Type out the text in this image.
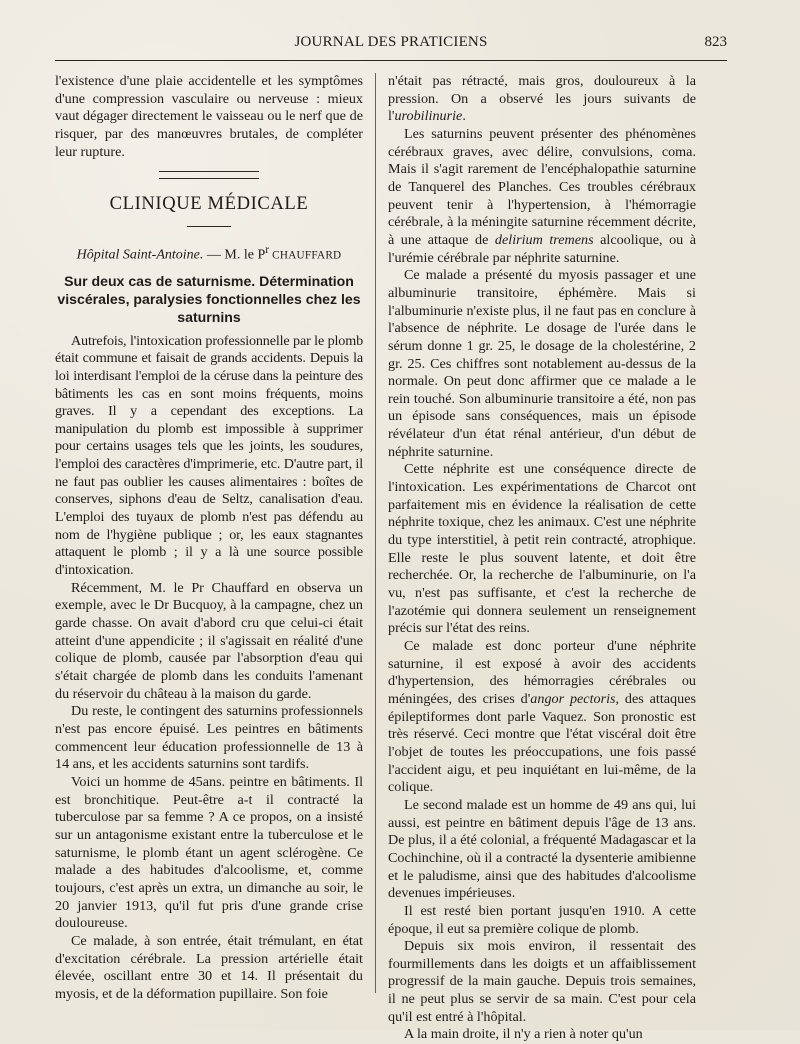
JOURNAL DES PRATICIENS	823

l'existence d'une plaie accidentelle et les symptômes d'une compression vasculaire ou nerveuse : mieux vaut dégager directement le vaisseau ou le nerf que de risquer, par des manœuvres brutales, de compléter leur rupture.

CLINIQUE MÉDICALE
Hôpital Saint-Antoine. — M. le $P^r$ CHAUFFARD
Sur deux cas de saturnisme. Détermination viscérales, paralysies fonctionnelles chez les saturnins

Autrefois, l'intoxication professionnelle par le plomb était commune et faisait de grands accidents. Depuis la loi interdisant l'emploi de la céruse dans la peinture des bâtiments les cas en sont moins fréquents, moins graves. Il y a cependant des exceptions. La manipulation du plomb est impossible à supprimer pour certains usages tels que les joints, les soudures, l'emploi des caractères d'imprimerie, etc. D'autre part, il ne faut pas oublier les causes alimentaires : boîtes de conserves, siphons d'eau de Seltz, canalisation d'eau. L'emploi des tuyaux de plomb n'est pas défendu au nom de l'hygiène publique ; or, les eaux stagnantes attaquent le plomb ; il y a là une source possible d'intoxication.

Récemment, M. le Pr Chauffard en observa un exemple, avec le Dr Bucquoy, à la campagne, chez un garde chasse. On avait d'abord cru que celui-ci était atteint d'une appendicite ; il s'agissait en réalité d'une colique de plomb, causée par l'absorption d'eau qui s'était chargée de plomb dans les conduits l'amenant du réservoir du château à la maison du garde.

Du reste, le contingent des saturnins professionnels n'est pas encore épuisé. Les peintres en bâtiments commencent leur éducation professionnelle de 13 à 14 ans, et les accidents saturnins sont tardifs.

Voici un homme de 45ans. peintre en bâtiments. Il est bronchitique. Peut-être a-t il contracté la tuberculose par sa femme ? A ce propos, on a insisté sur un antagonisme existant entre la tuberculose et le saturnisme, le plomb étant un agent sclérogène. Ce malade a des habitudes d'alcoolisme, et, comme toujours, c'est après un extra, un dimanche au soir, le 20 janvier 1913, qu'il fut pris d'une grande crise douloureuse.

Ce malade, à son entrée, était trémulant, en état d'excitation cérébrale. La pression artérielle était élevée, oscillant entre 30 et 14. Il présentait du myosis, et de la déformation pupillaire. Son foie

n'était pas rétracté, mais gros, douloureux à la pression. On a observé les jours suivants de l'urobilinurie.

Les saturnins peuvent présenter des phénomènes cérébraux graves, avec délire, convulsions, coma. Mais il s'agit rarement de l'encéphalopathie saturnine de Tanquerel des Planches. Ces troubles cérébraux peuvent tenir à l'hypertension, à l'hémorragie cérébrale, à la méningite saturnine récemment décrite, à une attaque de delirium tremens alcoolique, ou à l'urémie cérébrale par néphrite saturnine.

Ce malade a présenté du myosis passager et une albuminurie transitoire, éphémère. Mais si l'albuminurie n'existe plus, il ne faut pas en conclure à l'absence de néphrite. Le dosage de l'urée dans le sérum donne 1 gr. 25, le dosage de la cholestérine, 2 gr. 25. Ces chiffres sont notablement au-dessus de la normale. On peut donc affirmer que ce malade a le rein touché. Son albuminurie transitoire a été, non pas un épisode sans conséquences, mais un épisode révélateur d'un état rénal antérieur, d'un début de néphrite saturnine.

Cette néphrite est une conséquence directe de l'intoxication. Les expérimentations de Charcot ont parfaitement mis en évidence la réalisation de cette néphrite toxique, chez les animaux. C'est une néphrite du type interstitiel, à petit rein contracté, atrophique. Elle reste le plus souvent latente, et doit être recherchée. Or, la recherche de l'albuminurie, on l'a vu, n'est pas suffisante, et c'est la recherche de l'azotémie qui donnera seulement un renseignement précis sur l'état des reins.

Ce malade est donc porteur d'une néphrite saturnine, il est exposé à avoir des accidents d'hypertension, des hémorragies cérébrales ou méningées, des crises d'angor pectoris, des attaques épileptiformes dont parle Vaquez. Son pronostic est très réservé. Ceci montre que l'état viscéral doit être l'objet de toutes les préoccupations, une fois passé l'accident aigu, et peu inquiétant en lui-même, de la colique.

Le second malade est un homme de 49 ans qui, lui aussi, est peintre en bâtiment depuis l'âge de 13 ans. De plus, il a été colonial, a fréquenté Madagascar et la Cochinchine, où il a contracté la dysenterie amibienne et le paludisme, ainsi que des habitudes d'alcoolisme devenues impérieuses.

Il est resté bien portant jusqu'en 1910. A cette époque, il eut sa première colique de plomb.

Depuis six mois environ, il ressentait des fourmillements dans les doigts et un affaiblissement progressif de la main gauche. Depuis trois semaines, il ne peut plus se servir de sa main. C'est pour cela qu'il est entré à l'hôpital.

A la main droite, il n'y a rien à noter qu'un
